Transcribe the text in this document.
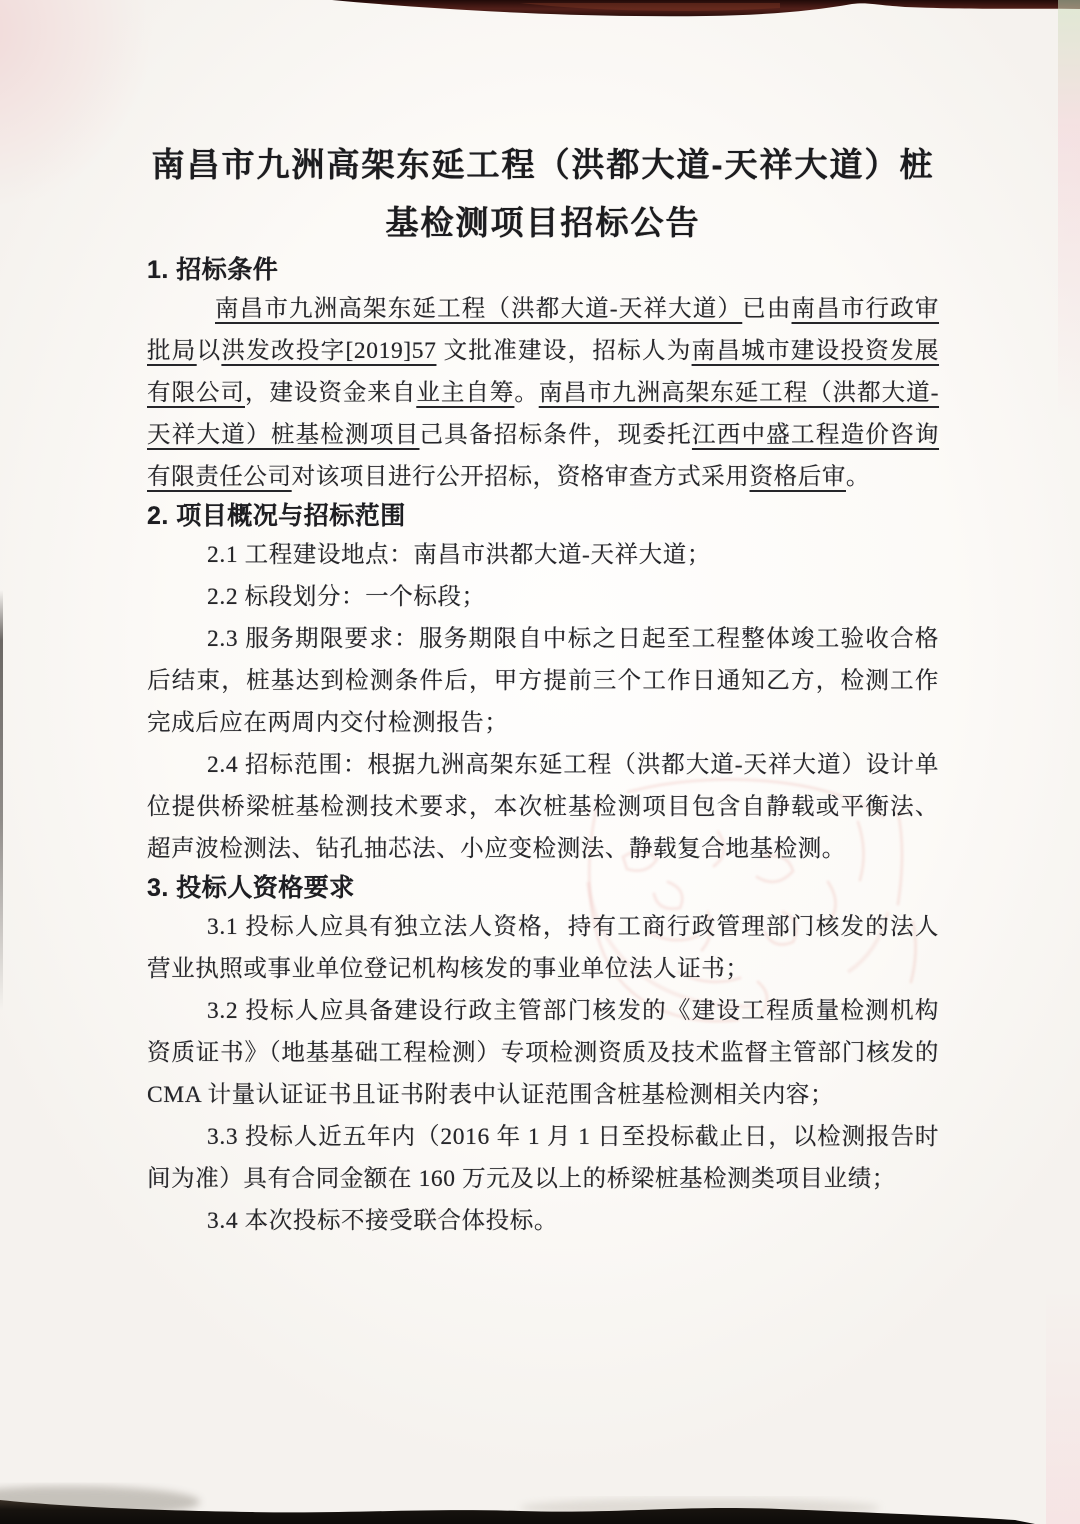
南昌市九洲高架东延工程（洪都大道-天祥大道）桩
基检测项目招标公告
1. 招标条件

南昌市九洲高架东延工程（洪都大道-天祥大道）已由南昌市行政审批局以洪发改投字[2019]57 文批准建设，招标人为南昌城市建设投资发展有限公司，建设资金来自业主自筹。南昌市九洲高架东延工程（洪都大道-天祥大道）桩基检测项目己具备招标条件，现委托江西中盛工程造价咨询有限责任公司对该项目进行公开招标，资格审查方式采用资格后审。

2. 项目概况与招标范围

2.1 工程建设地点：南昌市洪都大道-天祥大道；

2.2 标段划分：一个标段；

2.3 服务期限要求：服务期限自中标之日起至工程整体竣工验收合格后结束，桩基达到检测条件后，甲方提前三个工作日通知乙方，检测工作完成后应在两周内交付检测报告；

2.4 招标范围：根据九洲高架东延工程（洪都大道-天祥大道）设计单位提供桥梁桩基检测技术要求，本次桩基检测项目包含自静载或平衡法、超声波检测法、钻孔抽芯法、小应变检测法、静载复合地基检测。

3. 投标人资格要求

3.1 投标人应具有独立法人资格，持有工商行政管理部门核发的法人营业执照或事业单位登记机构核发的事业单位法人证书；

3.2 投标人应具备建设行政主管部门核发的《建设工程质量检测机构资质证书》（地基基础工程检测）专项检测资质及技术监督主管部门核发的 CMA 计量认证证书且证书附表中认证范围含桩基检测相关内容；

3.3 投标人近五年内（2016 年 1 月 1 日至投标截止日，以检测报告时间为准）具有合同金额在 160 万元及以上的桥梁桩基检测类项目业绩；

3.4 本次投标不接受联合体投标。
